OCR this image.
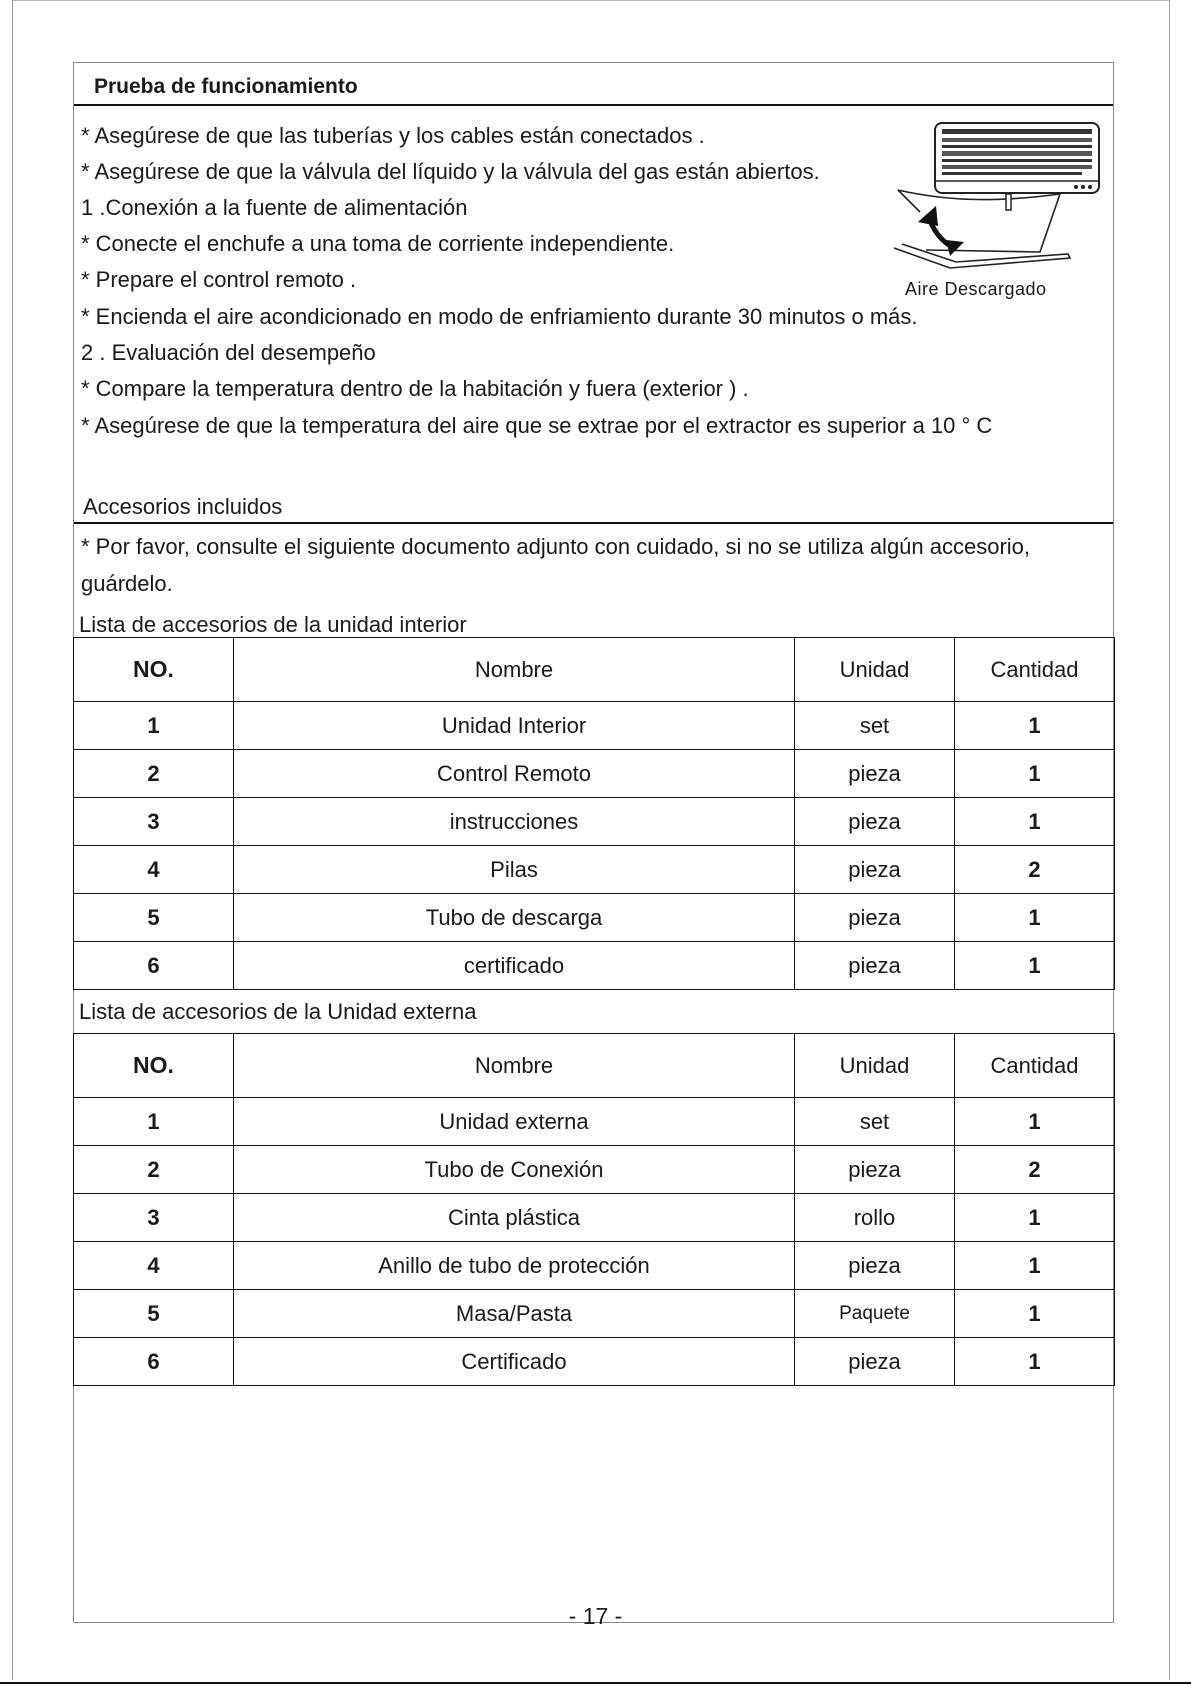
Prueba de funcionamiento
* Asegúrese de que las tuberías y los cables están conectados .
* Asegúrese de que la válvula del líquido y la válvula del gas están abiertos.
1 .Conexión a la fuente de alimentación
* Conecte el enchufe a una toma de corriente independiente.
* Prepare el control remoto .
* Encienda el aire acondicionado en modo de enfriamiento durante 30 minutos o más.
2 . Evaluación del desempeño
* Compare la temperatura dentro de la habitación y fuera (exterior ) .
* Asegúrese de que la temperatura del aire que se extrae por el extractor es superior a 10 ° C
Aire Descargado
Accesorios incluidos
* Por favor, consulte el siguiente documento adjunto con cuidado, si no se utiliza algún accesorio,
guárdelo.
Lista de accesorios de la unidad interior
NO.	Nombre	Unidad	Cantidad
1	Unidad Interior	set	1
2	Control Remoto	pieza	1
3	instrucciones	pieza	1
4	Pilas	pieza	2
5	Tubo de descarga	pieza	1
6	certificado	pieza	1
Lista de accesorios de la Unidad externa
NO.	Nombre	Unidad	Cantidad
1	Unidad externa	set	1
2	Tubo de Conexión	pieza	2
3	Cinta plástica	rollo	1
4	Anillo de tubo de protección	pieza	1
5	Masa/Pasta	Paquete	1
6	Certificado	pieza	1
- 17 -
